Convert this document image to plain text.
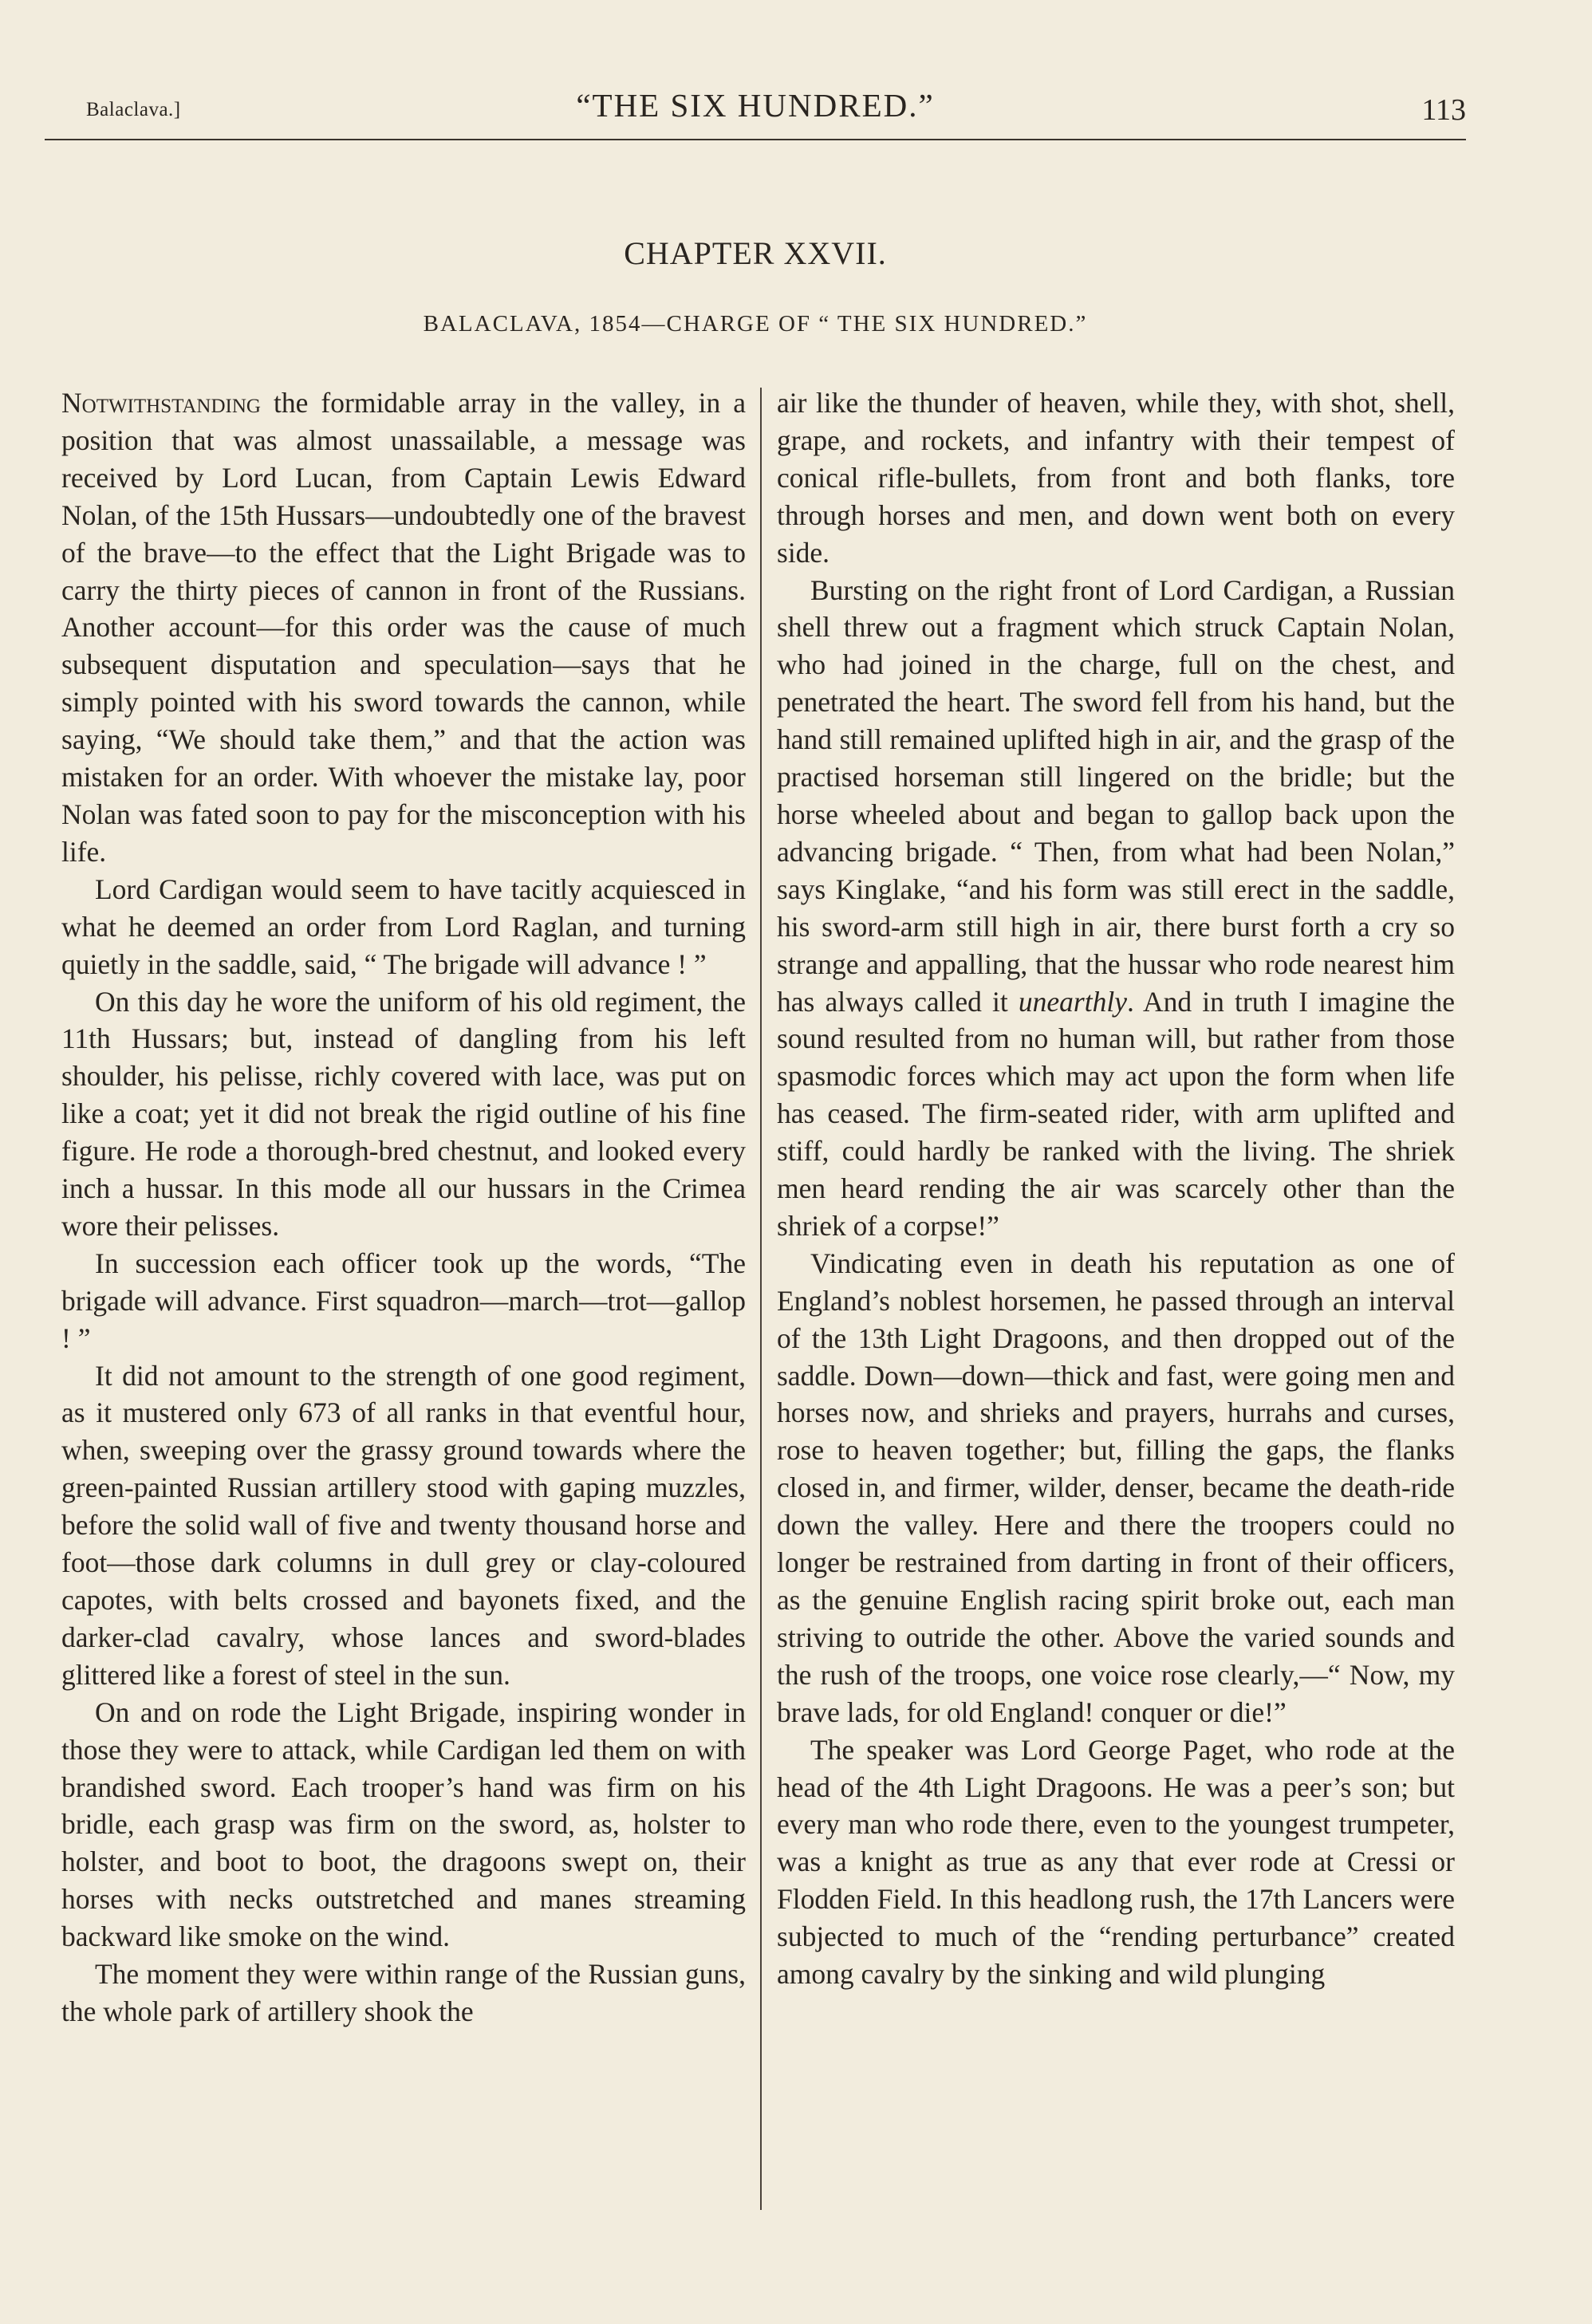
Balaclava.]	“THE SIX HUNDRED.”	113
CHAPTER XXVII.
BALACLAVA, 1854—CHARGE OF “ THE SIX HUNDRED.”

Notwithstanding the formidable array in the valley, in a position that was almost unassailable, a message was received by Lord Lucan, from Captain Lewis Edward Nolan, of the 15th Hussars—undoubtedly one of the bravest of the brave—to the effect that the Light Brigade was to carry the thirty pieces of cannon in front of the Russians. Another account—for this order was the cause of much subsequent disputation and speculation—says that he simply pointed with his sword towards the cannon, while saying, “We should take them,” and that the action was mistaken for an order. With whoever the mistake lay, poor Nolan was fated soon to pay for the misconception with his life.

Lord Cardigan would seem to have tacitly acquiesced in what he deemed an order from Lord Raglan, and turning quietly in the saddle, said, “ The brigade will advance ! ”

On this day he wore the uniform of his old regiment, the 11th Hussars; but, instead of dangling from his left shoulder, his pelisse, richly covered with lace, was put on like a coat; yet it did not break the rigid outline of his fine figure. He rode a thorough-bred chestnut, and looked every inch a hussar. In this mode all our hussars in the Crimea wore their pelisses.

In succession each officer took up the words, “The brigade will advance. First squadron—march—trot—gallop ! ”

It did not amount to the strength of one good regiment, as it mustered only 673 of all ranks in that eventful hour, when, sweeping over the grassy ground towards where the green-painted Russian artillery stood with gaping muzzles, before the solid wall of five and twenty thousand horse and foot—those dark columns in dull grey or clay-coloured capotes, with belts crossed and bayonets fixed, and the darker-clad cavalry, whose lances and sword-blades glittered like a forest of steel in the sun.

On and on rode the Light Brigade, inspiring wonder in those they were to attack, while Cardigan led them on with brandished sword. Each trooper’s hand was firm on his bridle, each grasp was firm on the sword, as, holster to holster, and boot to boot, the dragoons swept on, their horses with necks outstretched and manes streaming backward like smoke on the wind.

The moment they were within range of the Russian guns, the whole park of artillery shook the

air like the thunder of heaven, while they, with shot, shell, grape, and rockets, and infantry with their tempest of conical rifle-bullets, from front and both flanks, tore through horses and men, and down went both on every side.

Bursting on the right front of Lord Cardigan, a Russian shell threw out a fragment which struck Captain Nolan, who had joined in the charge, full on the chest, and penetrated the heart. The sword fell from his hand, but the hand still remained uplifted high in air, and the grasp of the practised horseman still lingered on the bridle; but the horse wheeled about and began to gallop back upon the advancing brigade. “ Then, from what had been Nolan,” says Kinglake, “and his form was still erect in the saddle, his sword-arm still high in air, there burst forth a cry so strange and appalling, that the hussar who rode nearest him has always called it unearthly. And in truth I imagine the sound resulted from no human will, but rather from those spasmodic forces which may act upon the form when life has ceased. The firm-seated rider, with arm uplifted and stiff, could hardly be ranked with the living. The shriek men heard rending the air was scarcely other than the shriek of a corpse!”

Vindicating even in death his reputation as one of England’s noblest horsemen, he passed through an interval of the 13th Light Dragoons, and then dropped out of the saddle. Down—down—thick and fast, were going men and horses now, and shrieks and prayers, hurrahs and curses, rose to heaven together; but, filling the gaps, the flanks closed in, and firmer, wilder, denser, became the death-ride down the valley. Here and there the troopers could no longer be restrained from darting in front of their officers, as the genuine English racing spirit broke out, each man striving to outride the other. Above the varied sounds and the rush of the troops, one voice rose clearly,—“ Now, my brave lads, for old England! conquer or die!”

The speaker was Lord George Paget, who rode at the head of the 4th Light Dragoons. He was a peer’s son; but every man who rode there, even to the youngest trumpeter, was a knight as true as any that ever rode at Cressi or Flodden Field. In this headlong rush, the 17th Lancers were subjected to much of the “rending perturbance” created among cavalry by the sinking and wild plunging
